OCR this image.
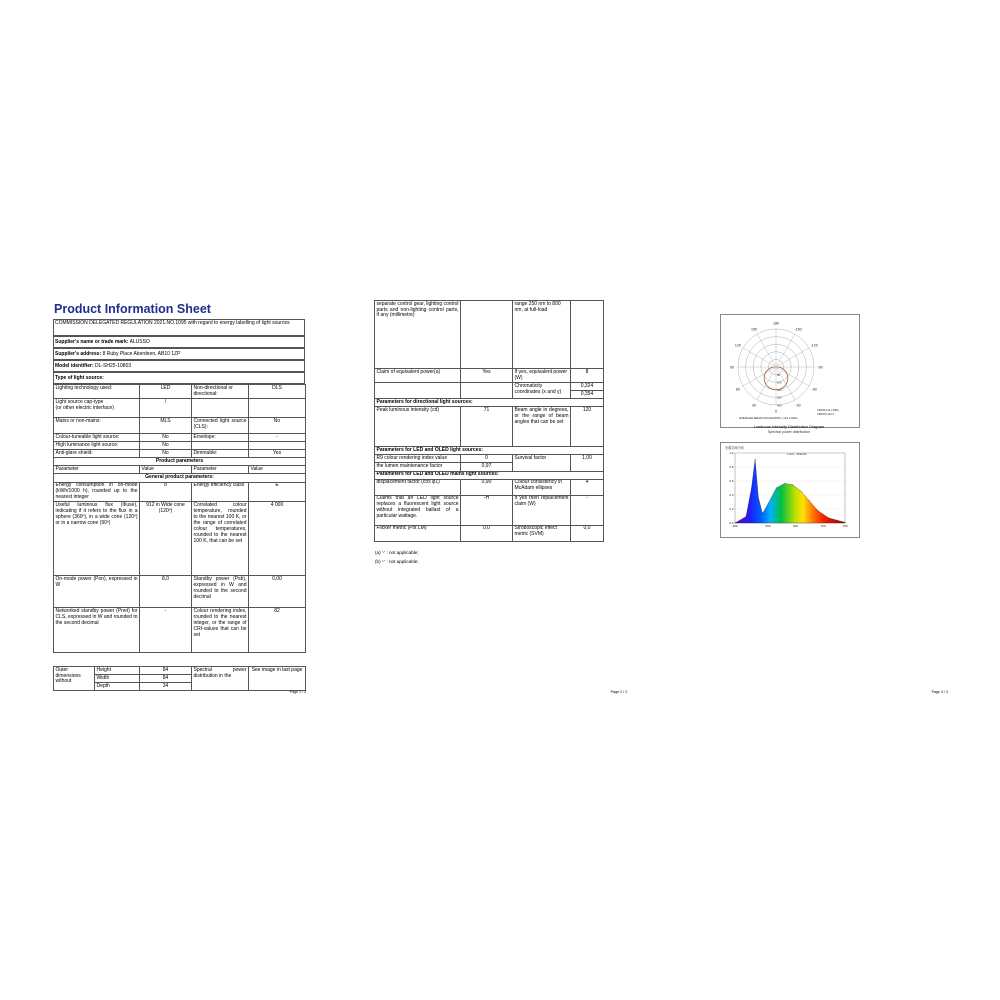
Product Information Sheet
COMMISSION DELEGATED REGULATION 2021.NO.1095 with regard to energy labelling of light sources
Supplier's name or trade mark: ALUSSO
Supplier's address: 8 Ruby Place Aberdeen, AB10 1ZP
Model identifier: DL-SH25-10803
Type of light source:
Lighting technology used:	LED	Non-directional or directional:	DLS
Light source cap-type
(or other electric interface)	/		
Mains or non-mains:	MLS	Connected light source (CLS):	No
Colour-tuneable light source:	No	Envelope:	-
High luminance light source:	No		
Anti-glare shield:	No	Dimmable:	Yes
Product parameters			
Parameter	Value	Parameter	Value
General product parameters:			
Energy consumption in on-mode (kWh/1000 h), rounded up to the nearest integer	8	Energy efficiency class	E
Useful luminous flux (Φuse), indicating if it refers to the flux in a sphere (360º), in a wide cone (120º) or in a narrow cone (90º)	912 in Wide cone (120º)	Correlated colour temperature, rounded to the nearest 100 K, or the range of correlated colour temperatures, rounded to the nearest 100 K, that can be set	4 000
On-mode power (Pon), expressed in W	8,0	Standby power (Psb), expressed in W and rounded to the second decimal	0,00
Networked standby power (Pnet) for CLS, expressed in W and rounded to the second decimal	-	Colour rendering index, rounded to the nearest integer, or the range of CRI-values that can be set	82
Outer dimensions without	Height	84	Spectral power distribution in the	See image in last page
	Width	84		
	Depth	34		
Page 1 / 3
separate control gear, lighting control parts and non-lighting control parts, if any (millimetre)		range 250 nm to 800 nm, at full-load	
Claim of equivalent power(a)	Yes	If yes, equivalent power (W)	8
		Chromaticity coordinates (x and y)	0,324
			0,354
Parameters for directional light sources:			
Peak luminous intensity (cd)	71	Beam angle in degrees, or the range of beam angles that can be set	120
Parameters for LED and OLED light sources:			
R9 colour rendering index value	0	Survival factor	1,00
the lumen maintenance factor	0,97		
Parameters for LED and OLED mains light sources:			
displacement factor (cos φ1)	0,90	Colour consistency in McAdam ellipses	4
Claims that an LED light source replaces a fluorescent light source without integrated ballast of a particular wattage.	-H	If yes then replacement claim (W)	-
Flicker metric (Pst LM)	0,0	Stroboscopic effect metric (SVM)	0,0
(a) '-' : not applicable;
(b) '-' : not applicable;
Page 2 / 3
180
-150
-120
-90
-60
-30
0
30
60
90
120
150
80
160
240
320
400
AVERAGE BEAM ANGLE(50%): 112.2 DEG
C0/180,112.2 DEG
C90/270,112.3
Luminous Intensity Distribution Diagram
Spectral power distribution
光谱功率分布
1.007, 4536nm
1.0
0.8
0.6
0.4
0.2
0.0
380	500	600	700	780
Page 3 / 3
